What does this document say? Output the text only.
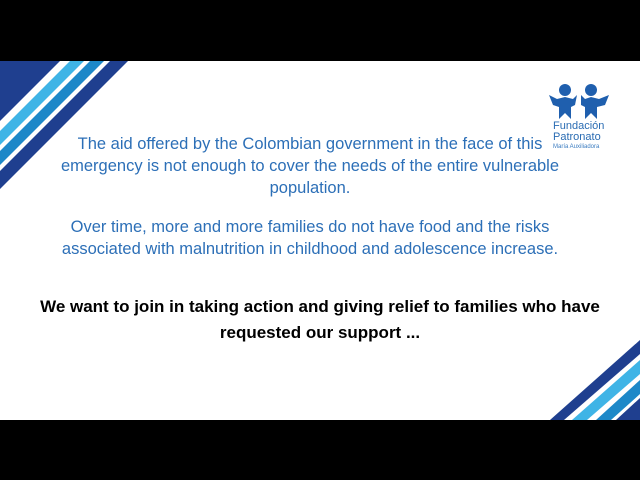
Fundación
Patronato
María Auxiliadora
The aid offered by the Colombian government in the face of this emergency is not enough to cover the needs of the entire vulnerable population.
Over time, more and more families do not have food and the risks associated with malnutrition in childhood and adolescence increase.
We want to join in taking action and giving relief to families who have requested our support ...
